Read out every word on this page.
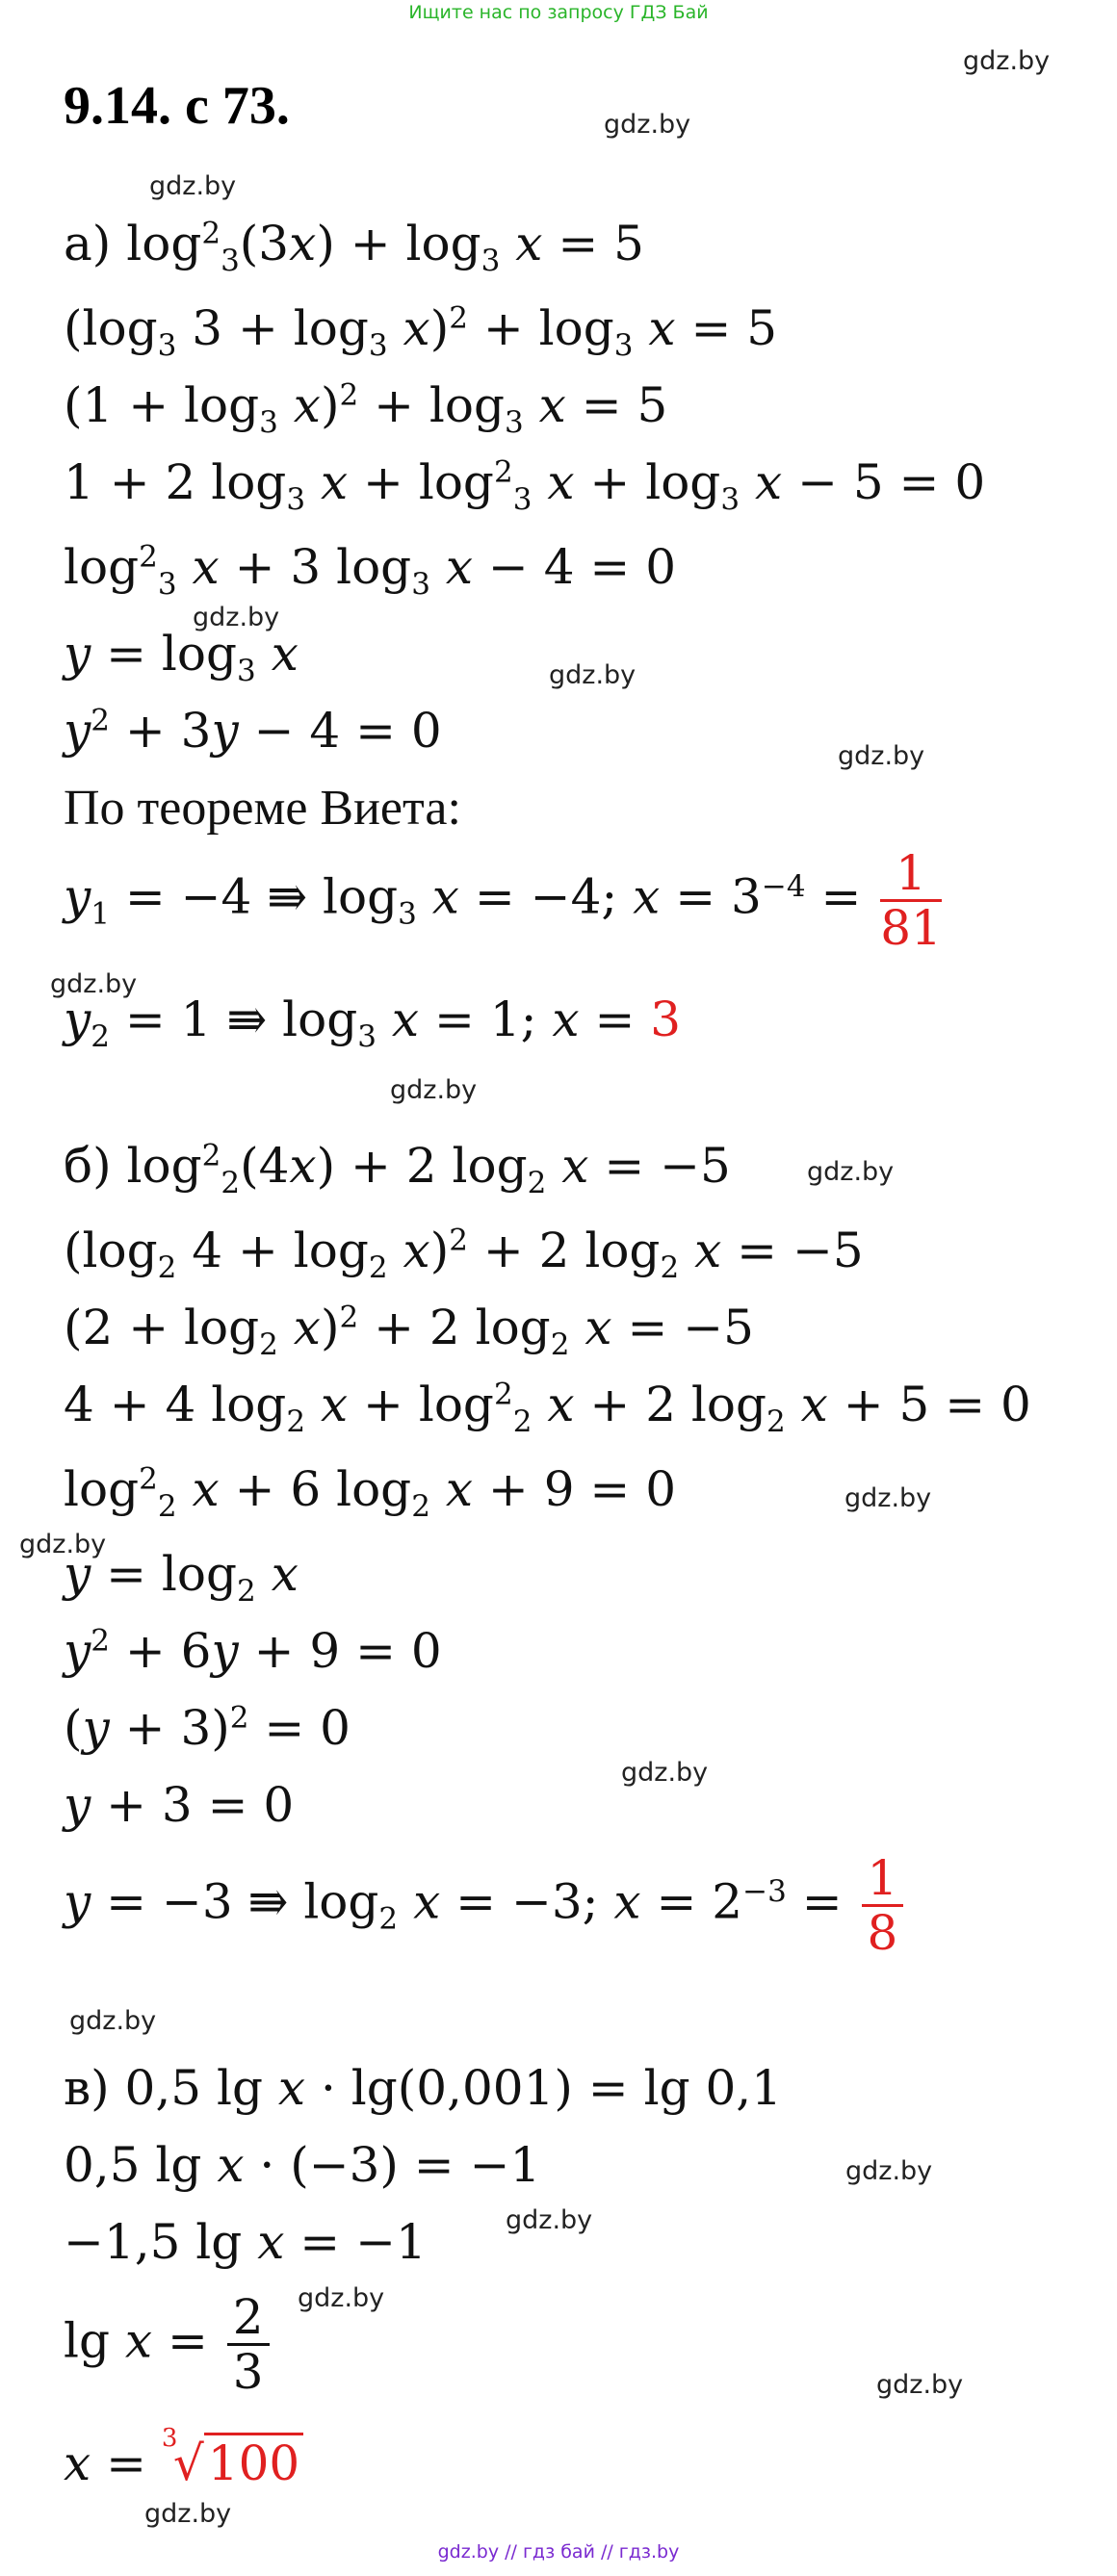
Ищите нас по запросу ГДЗ Бай
9.14. с 73.
gdz.by
gdz.by
gdz.by
gdz.by
gdz.by
gdz.by
gdz.by
gdz.by
gdz.by
gdz.by
gdz.by
gdz.by
gdz.by
gdz.by
gdz.by
gdz.by
gdz.by
gdz.by
а) $\log^2_3(3x) + \log_3 x = 5$
($\log_3$ $3 + \log_3 x)^2 + \log_3 x = 5$
$(1 + \log_3 x)^2 + \log_3 x = 5$
1 + 2 $\log_3 x + \log^2_3 x + \log_3 x - 5 = 0$
$\log^2_3 x + 3$ $\log_3 x - 4 = 0$
$y = \log_3 x$
$y^2 + 3y - 4 = 0$
По теореме Виета:
$y_1 = -4$ ⇛ $\log_3 x = -4$; $x = 3^{-4} = \frac{1}{81}$
$y_2 = 1$ ⇛ $\log_3 x = 1$; x = 3
б) $\log^2_2(4x) + 2$ $\log_2 x = -5$
($\log_2$ $4 + \log_2 x)^2 + 2$ $\log_2 x = -5$
$(2 + \log_2 x)^2 + 2$ $\log_2 x = -5$
4 + 4 $\log_2 x + \log^2_2 x + 2$ $\log_2 x + 5 = 0$
$\log^2_2 x + 6$ $\log_2 x + 9 = 0$
$y = \log_2 x$
$y^2 + 6y + 9 = 0$
$(y + 3)^2 = 0$
y + 3 = 0
y = −3 ⇛ $\log_2 x = -3$; $x = 2^{-3} = \frac{1}{8}$
в) 0,5 lg x · lg(0,001) = lg 0,1
0,5 lg x · (−3) = −1
−1,5 lg x = −1
$\lg x = \frac{2}{3}$
x = 3
√100
gdz.by // гдз бай // гдз.by
